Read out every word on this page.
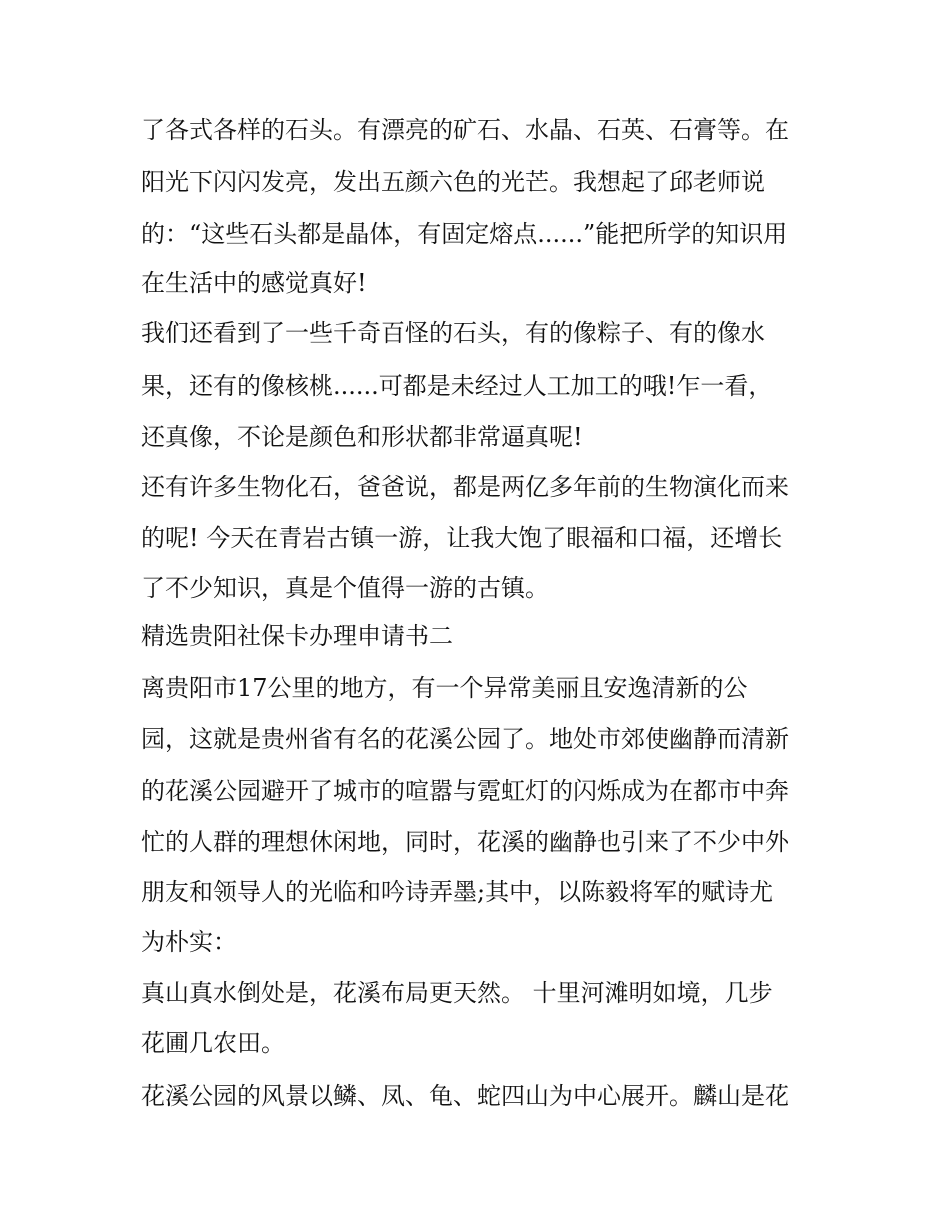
了各式各样的石头。有漂亮的矿石、水晶、石英、石膏等。在
阳光下闪闪发亮，发出五颜六色的光芒。我想起了邱老师说
的：“这些石头都是晶体，有固定熔点......”能把所学的知识用
在生活中的感觉真好!
我们还看到了一些千奇百怪的石头，有的像粽子、有的像水
果，还有的像核桃......可都是未经过人工加工的哦!乍一看，
还真像，不论是颜色和形状都非常逼真呢!
还有许多生物化石，爸爸说，都是两亿多年前的生物演化而来
的呢! 今天在青岩古镇一游，让我大饱了眼福和口福，还增长
了不少知识，真是个值得一游的古镇。
精选贵阳社保卡办理申请书二
离贵阳市17公里的地方，有一个异常美丽且安逸清新的公
园，这就是贵州省有名的花溪公园了。地处市郊使幽静而清新
的花溪公园避开了城市的喧嚣与霓虹灯的闪烁成为在都市中奔
忙的人群的理想休闲地，同时，花溪的幽静也引来了不少中外
朋友和领导人的光临和吟诗弄墨;其中，以陈毅将军的赋诗尤
为朴实：
真山真水倒处是，花溪布局更天然。 十里河滩明如境，几步
花圃几农田。
花溪公园的风景以鳞、凤、龟、蛇四山为中心展开。麟山是花
